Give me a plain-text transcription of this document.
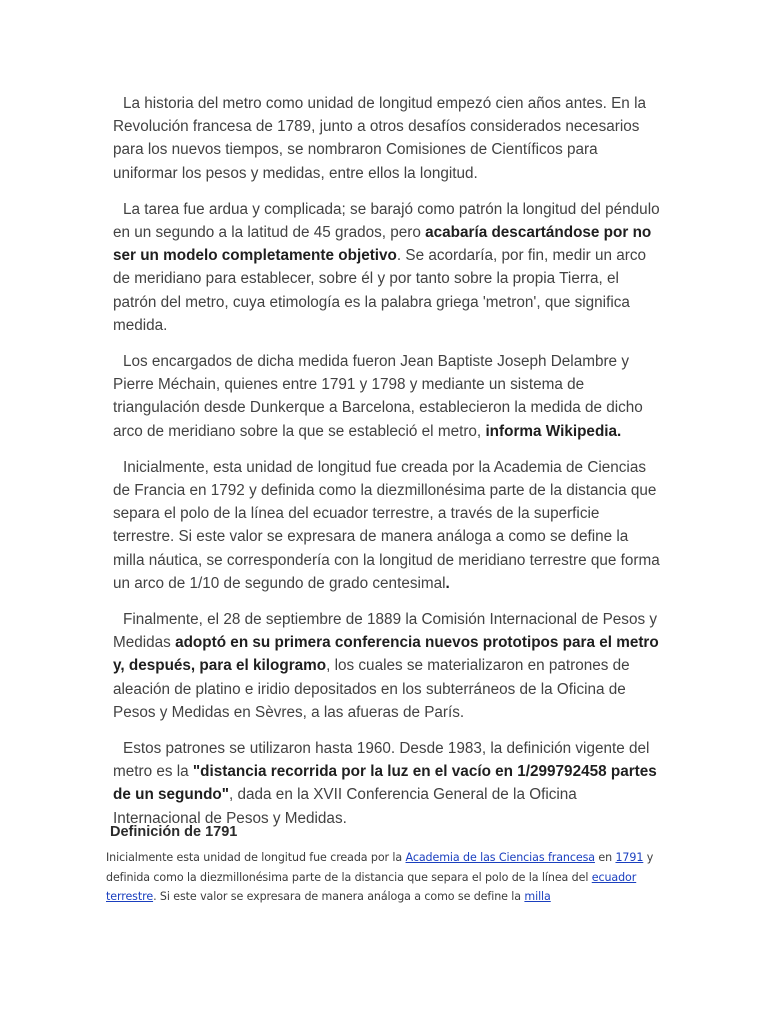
La historia del metro como unidad de longitud empezó cien años antes. En la Revolución francesa de 1789, junto a otros desafíos considerados necesarios para los nuevos tiempos, se nombraron Comisiones de Científicos para uniformar los pesos y medidas, entre ellos la longitud.

La tarea fue ardua y complicada; se barajó como patrón la longitud del péndulo en un segundo a la latitud de 45 grados, pero acabaría descartándose por no ser un modelo completamente objetivo. Se acordaría, por fin, medir un arco de meridiano para establecer, sobre él y por tanto sobre la propia Tierra, el patrón del metro, cuya etimología es la palabra griega 'metron', que significa medida.

Los encargados de dicha medida fueron Jean Baptiste Joseph Delambre y Pierre Méchain, quienes entre 1791 y 1798 y mediante un sistema de triangulación desde Dunkerque a Barcelona, establecieron la medida de dicho arco de meridiano sobre la que se estableció el metro, informa Wikipedia.

Inicialmente, esta unidad de longitud fue creada por la Academia de Ciencias de Francia en 1792 y definida como la diezmillonésima parte de la distancia que separa el polo de la línea del ecuador terrestre, a través de la superficie terrestre. Si este valor se expresara de manera análoga a como se define la milla náutica, se correspondería con la longitud de meridiano terrestre que forma un arco de 1/10 de segundo de grado centesimal.

Finalmente, el 28 de septiembre de 1889 la Comisión Internacional de Pesos y Medidas adoptó en su primera conferencia nuevos prototipos para el metro y, después, para el kilogramo, los cuales se materializaron en patrones de aleación de platino e iridio depositados en los subterráneos de la Oficina de Pesos y Medidas en Sèvres, a las afueras de París.

Estos patrones se utilizaron hasta 1960. Desde 1983, la definición vigente del metro es la "distancia recorrida por la luz en el vacío en 1/299792458 partes de un segundo", dada en la XVII Conferencia General de la Oficina Internacional de Pesos y Medidas.

Definición de 1791
Inicialmente esta unidad de longitud fue creada por la Academia de las Ciencias francesa en 1791 y definida como la diezmillonésima parte de la distancia que separa el polo de la línea del ecuador terrestre. Si este valor se expresara de manera análoga a como se define la milla
